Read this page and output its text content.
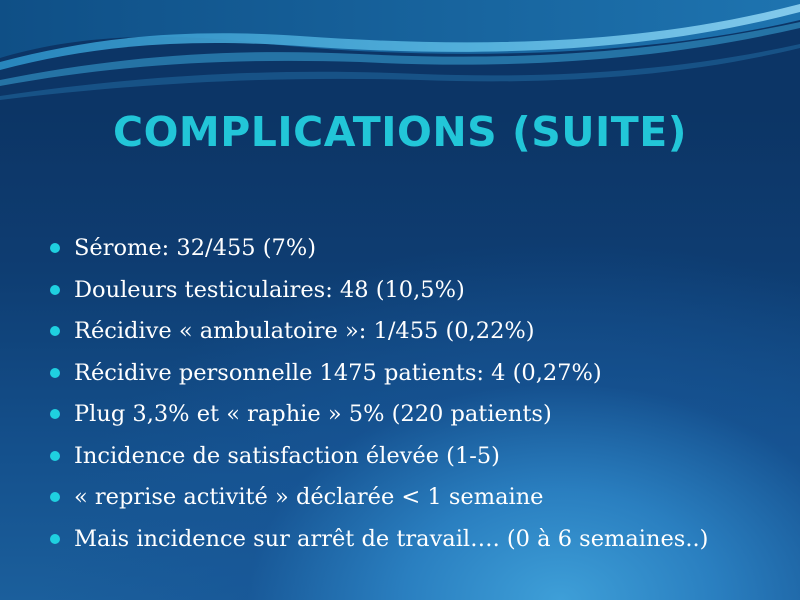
COMPLICATIONS (SUITE)
Sérome: 32/455 (7%)
Douleurs testiculaires: 48 (10,5%)
Récidive « ambulatoire »: 1/455 (0,22%)
Récidive personnelle 1475 patients: 4 (0,27%)
Plug 3,3% et « raphie » 5% (220 patients)
Incidence de satisfaction élevée (1-5)
« reprise activité » déclarée < 1 semaine
Mais incidence sur arrêt de travail…. (0 à 6 semaines..)
